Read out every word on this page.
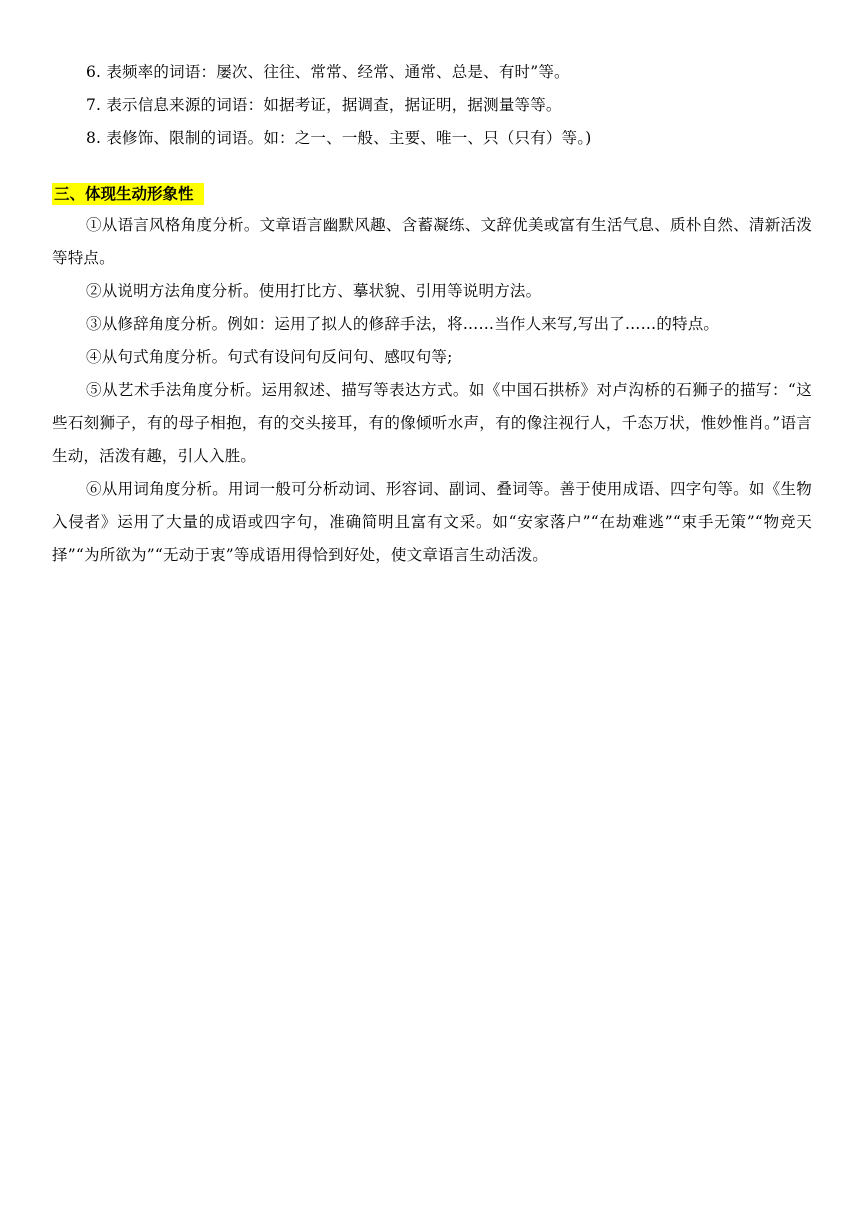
6. 表频率的词语：屡次、往往、常常、经常、通常、总是、有时”等。
7. 表示信息来源的词语：如据考证，据调查，据证明，据测量等等。
8. 表修饰、限制的词语。如：之一、一般、主要、唯一、只（只有）等。)
三、体现生动形象性

①从语言风格角度分析。文章语言幽默风趣、含蓄凝练、文辞优美或富有生活气息、质朴自然、清新活泼等特点。

②从说明方法角度分析。使用打比方、摹状貌、引用等说明方法。

③从修辞角度分析。例如：运用了拟人的修辞手法，将……当作人来写,写出了……的特点。

④从句式角度分析。句式有设问句反问句、感叹句等;

⑤从艺术手法角度分析。运用叙述、描写等表达方式。如《中国石拱桥》对卢沟桥的石狮子的描写：“这些石刻狮子，有的母子相抱，有的交头接耳，有的像倾听水声，有的像注视行人，千态万状，惟妙惟肖。”语言生动，活泼有趣，引人入胜。

⑥从用词角度分析。用词一般可分析动词、形容词、副词、叠词等。善于使用成语、四字句等。如《生物入侵者》运用了大量的成语或四字句，准确简明且富有文采。如“安家落户”“在劫难逃”“束手无策”“物竞天择”“为所欲为”“无动于衷”等成语用得恰到好处，使文章语言生动活泼。
